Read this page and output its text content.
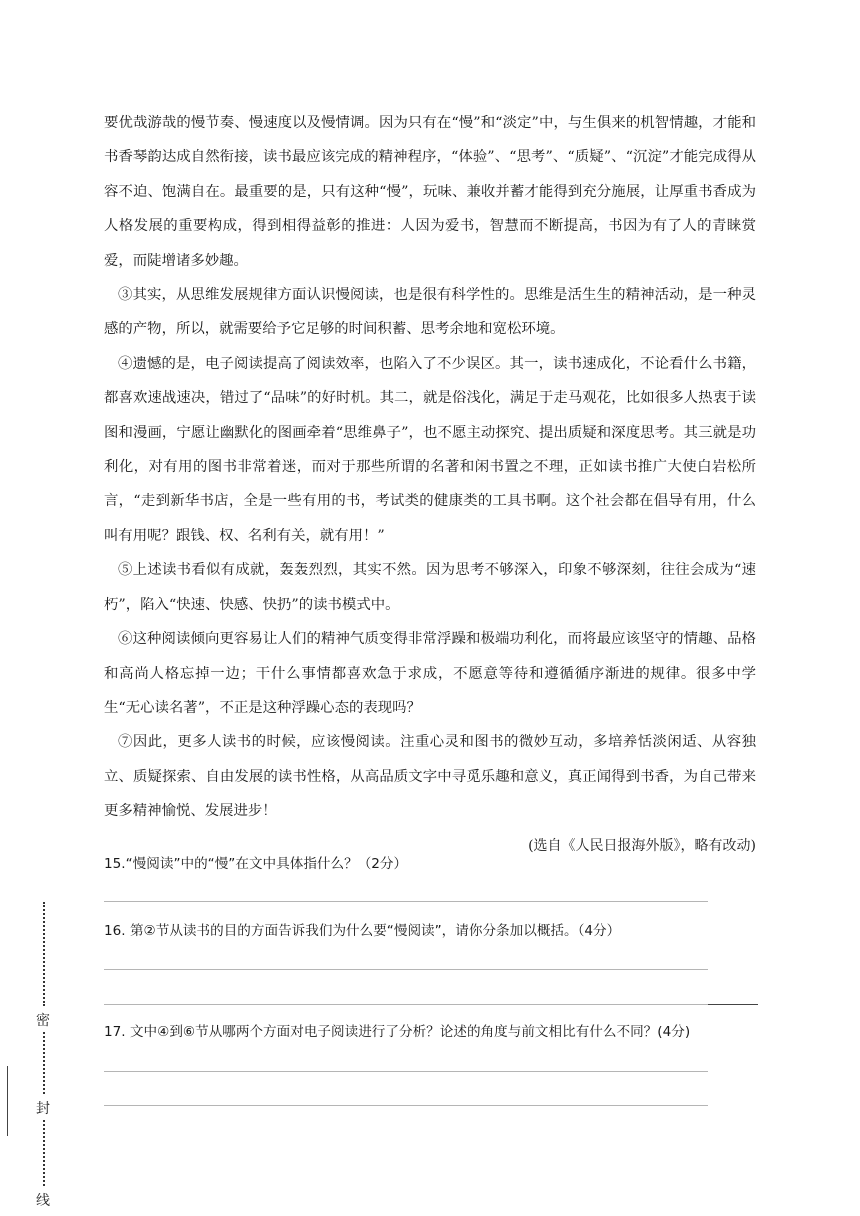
密
封
线

要优哉游哉的慢节奏、慢速度以及慢情调。因为只有在“慢”和“淡定”中，与生俱来的机智情趣，才能和书香琴韵达成自然衔接，读书最应该完成的精神程序，“体验”、“思考”、“质疑”、“沉淀”才能完成得从容不迫、饱满自在。最重要的是，只有这种“慢”，玩味、兼收并蓄才能得到充分施展，让厚重书香成为人格发展的重要构成，得到相得益彰的推进：人因为爱书，智慧而不断提高，书因为有了人的青睐赏爱，而陡增诸多妙趣。

③其实，从思维发展规律方面认识慢阅读，也是很有科学性的。思维是活生生的精神活动，是一种灵感的产物，所以，就需要给予它足够的时间积蓄、思考余地和宽松环境。

④遗憾的是，电子阅读提高了阅读效率，也陷入了不少误区。其一，读书速成化，不论看什么书籍，都喜欢速战速决，错过了“品味”的好时机。其二，就是俗浅化，满足于走马观花，比如很多人热衷于读图和漫画，宁愿让幽默化的图画牵着“思维鼻子”，也不愿主动探究、提出质疑和深度思考。其三就是功利化，对有用的图书非常着迷，而对于那些所谓的名著和闲书置之不理，正如读书推广大使白岩松所言，“走到新华书店，全是一些有用的书，考试类的健康类的工具书啊。这个社会都在倡导有用，什么叫有用呢？跟钱、权、名利有关，就有用！”

⑤上述读书看似有成就，轰轰烈烈，其实不然。因为思考不够深入，印象不够深刻，往往会成为“速朽”，陷入“快速、快感、快扔”的读书模式中。

⑥这种阅读倾向更容易让人们的精神气质变得非常浮躁和极端功利化，而将最应该坚守的情趣、品格和高尚人格忘掉一边；干什么事情都喜欢急于求成，不愿意等待和遵循循序渐进的规律。很多中学生“无心读名著”，不正是这种浮躁心态的表现吗？

⑦因此，更多人读书的时候，应该慢阅读。注重心灵和图书的微妙互动，多培养恬淡闲适、从容独立、质疑探索、自由发展的读书性格，从高品质文字中寻觅乐趣和意义，真正闻得到书香，为自己带来更多精神愉悦、发展进步！

(选自《人民日报海外版》，略有改动)

15.“慢阅读”中的“慢”在文中具体指什么？（2分）

16. 第②节从读书的目的方面告诉我们为什么要“慢阅读”，请你分条加以概括。（4分）

17. 文中④到⑥节从哪两个方面对电子阅读进行了分析？论述的角度与前文相比有什么不同？(4分)
